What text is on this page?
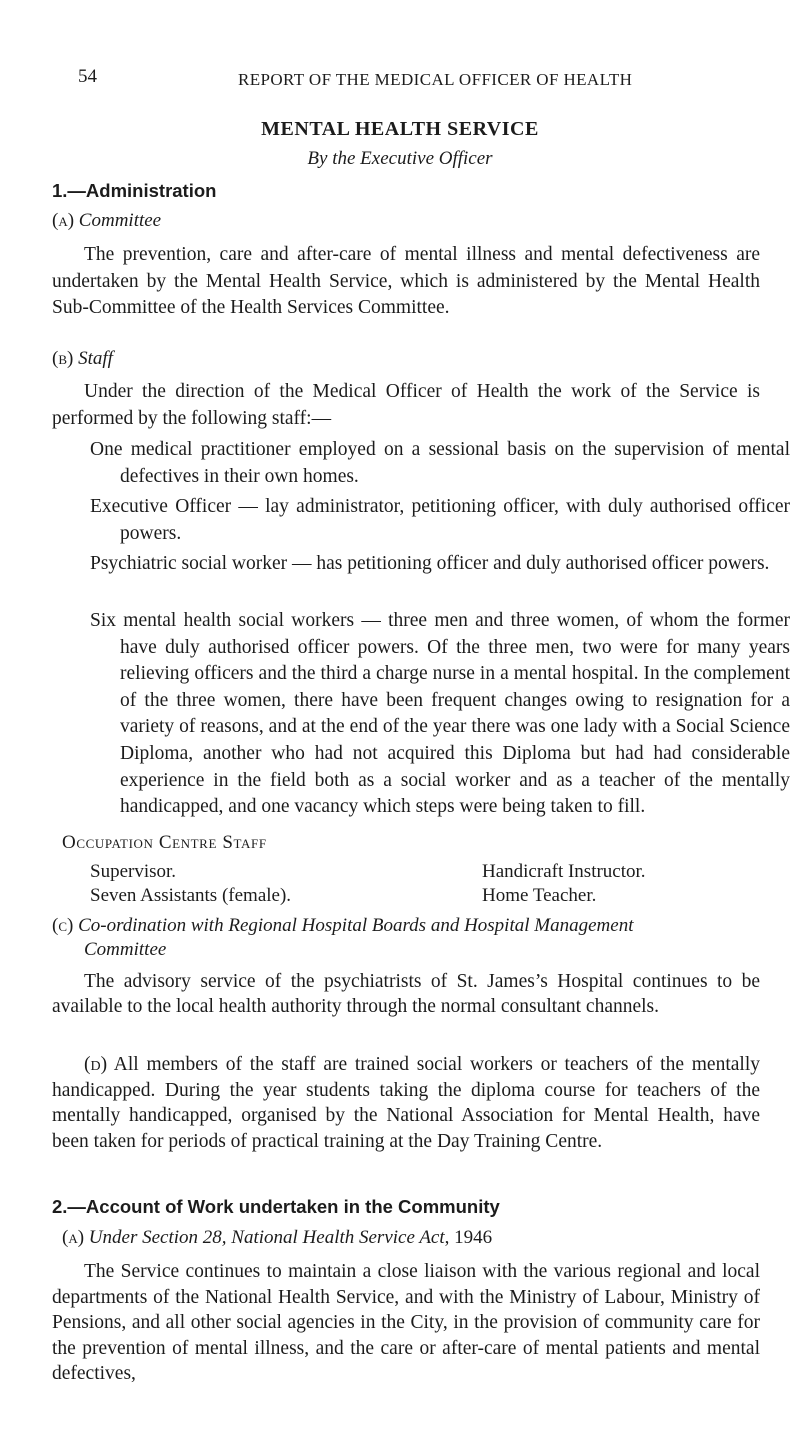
54	REPORT OF THE MEDICAL OFFICER OF HEALTH
MENTAL HEALTH SERVICE
By the Executive Officer
1.—Administration
(a) Committee
The prevention, care and after-care of mental illness and mental defectiveness are undertaken by the Mental Health Service, which is administered by the Mental Health Sub-Committee of the Health Services Committee.
(b) Staff
Under the direction of the Medical Officer of Health the work of the Service is performed by the following staff:—
One medical practitioner employed on a sessional basis on the supervision of mental defectives in their own homes.
Executive Officer — lay administrator, petitioning officer, with duly authorised officer powers.
Psychiatric social worker — has petitioning officer and duly authorised officer powers.
Six mental health social workers — three men and three women, of whom the former have duly authorised officer powers. Of the three men, two were for many years relieving officers and the third a charge nurse in a mental hospital. In the complement of the three women, there have been frequent changes owing to resignation for a variety of reasons, and at the end of the year there was one lady with a Social Science Diploma, another who had not acquired this Diploma but had had considerable experience in the field both as a social worker and as a teacher of the mentally handicapped, and one vacancy which steps were being taken to fill.
Occupation Centre Staff
Supervisor.
Seven Assistants (female).
Handicraft Instructor.
Home Teacher.
(c) Co-ordination with Regional Hospital Boards and Hospital Management
Committee
The advisory service of the psychiatrists of St. James’s Hospital continues to be available to the local health authority through the normal consultant channels.
(d) All members of the staff are trained social workers or teachers of the mentally handicapped. During the year students taking the diploma course for teachers of the mentally handicapped, organised by the National Association for Mental Health, have been taken for periods of practical training at the Day Training Centre.
2.—Account of Work undertaken in the Community
(a) Under Section 28, National Health Service Act, 1946
The Service continues to maintain a close liaison with the various regional and local departments of the National Health Service, and with the Ministry of Labour, Ministry of Pensions, and all other social agencies in the City, in the provision of community care for the prevention of mental illness, and the care or after-care of mental patients and mental defectives,
